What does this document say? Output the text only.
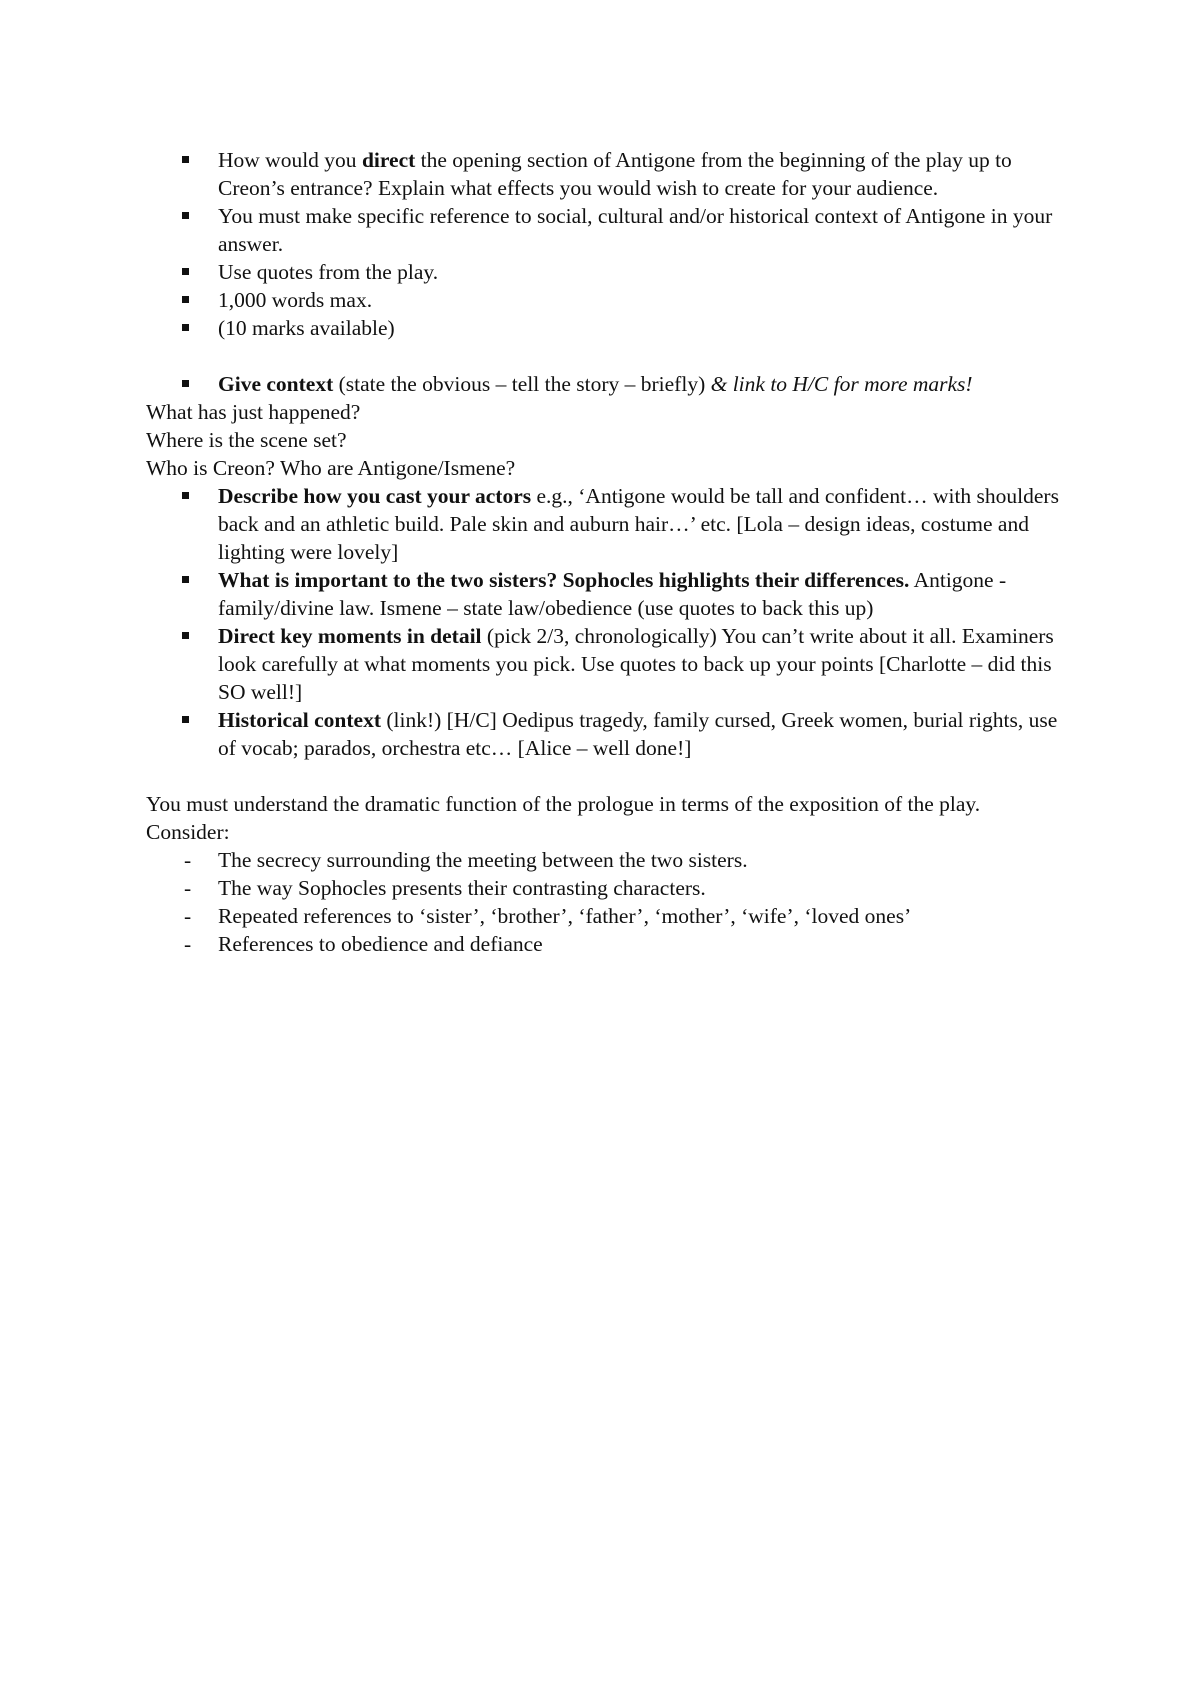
How would you direct the opening section of Antigone from the beginning of the play up to Creon’s entrance? Explain what effects you would wish to create for your audience.
You must make specific reference to social, cultural and/or historical context of Antigone in your answer.
Use quotes from the play.
1,000 words max.
(10 marks available)
Give context (state the obvious – tell the story – briefly) & link to H/C for more marks!

What has just happened?

Where is the scene set?

Who is Creon? Who are Antigone/Ismene?

Describe how you cast your actors e.g., ‘Antigone would be tall and confident… with shoulders back and an athletic build. Pale skin and auburn hair…’ etc. [Lola – design ideas, costume and lighting were lovely]
What is important to the two sisters? Sophocles highlights their differences. Antigone - family/divine law. Ismene – state law/obedience (use quotes to back this up)
Direct key moments in detail (pick 2/3, chronologically) You can’t write about it all. Examiners look carefully at what moments you pick. Use quotes to back up your points [Charlotte – did this SO well!]
Historical context (link!) [H/C] Oedipus tragedy, family cursed, Greek women, burial rights, use of vocab; parados, orchestra etc… [Alice – well done!]

You must understand the dramatic function of the prologue in terms of the exposition of the play. Consider:

- The secrecy surrounding the meeting between the two sisters.
- The way Sophocles presents their contrasting characters.
- Repeated references to ‘sister’, ‘brother’, ‘father’, ‘mother’, ‘wife’, ‘loved ones’
- References to obedience and defiance
